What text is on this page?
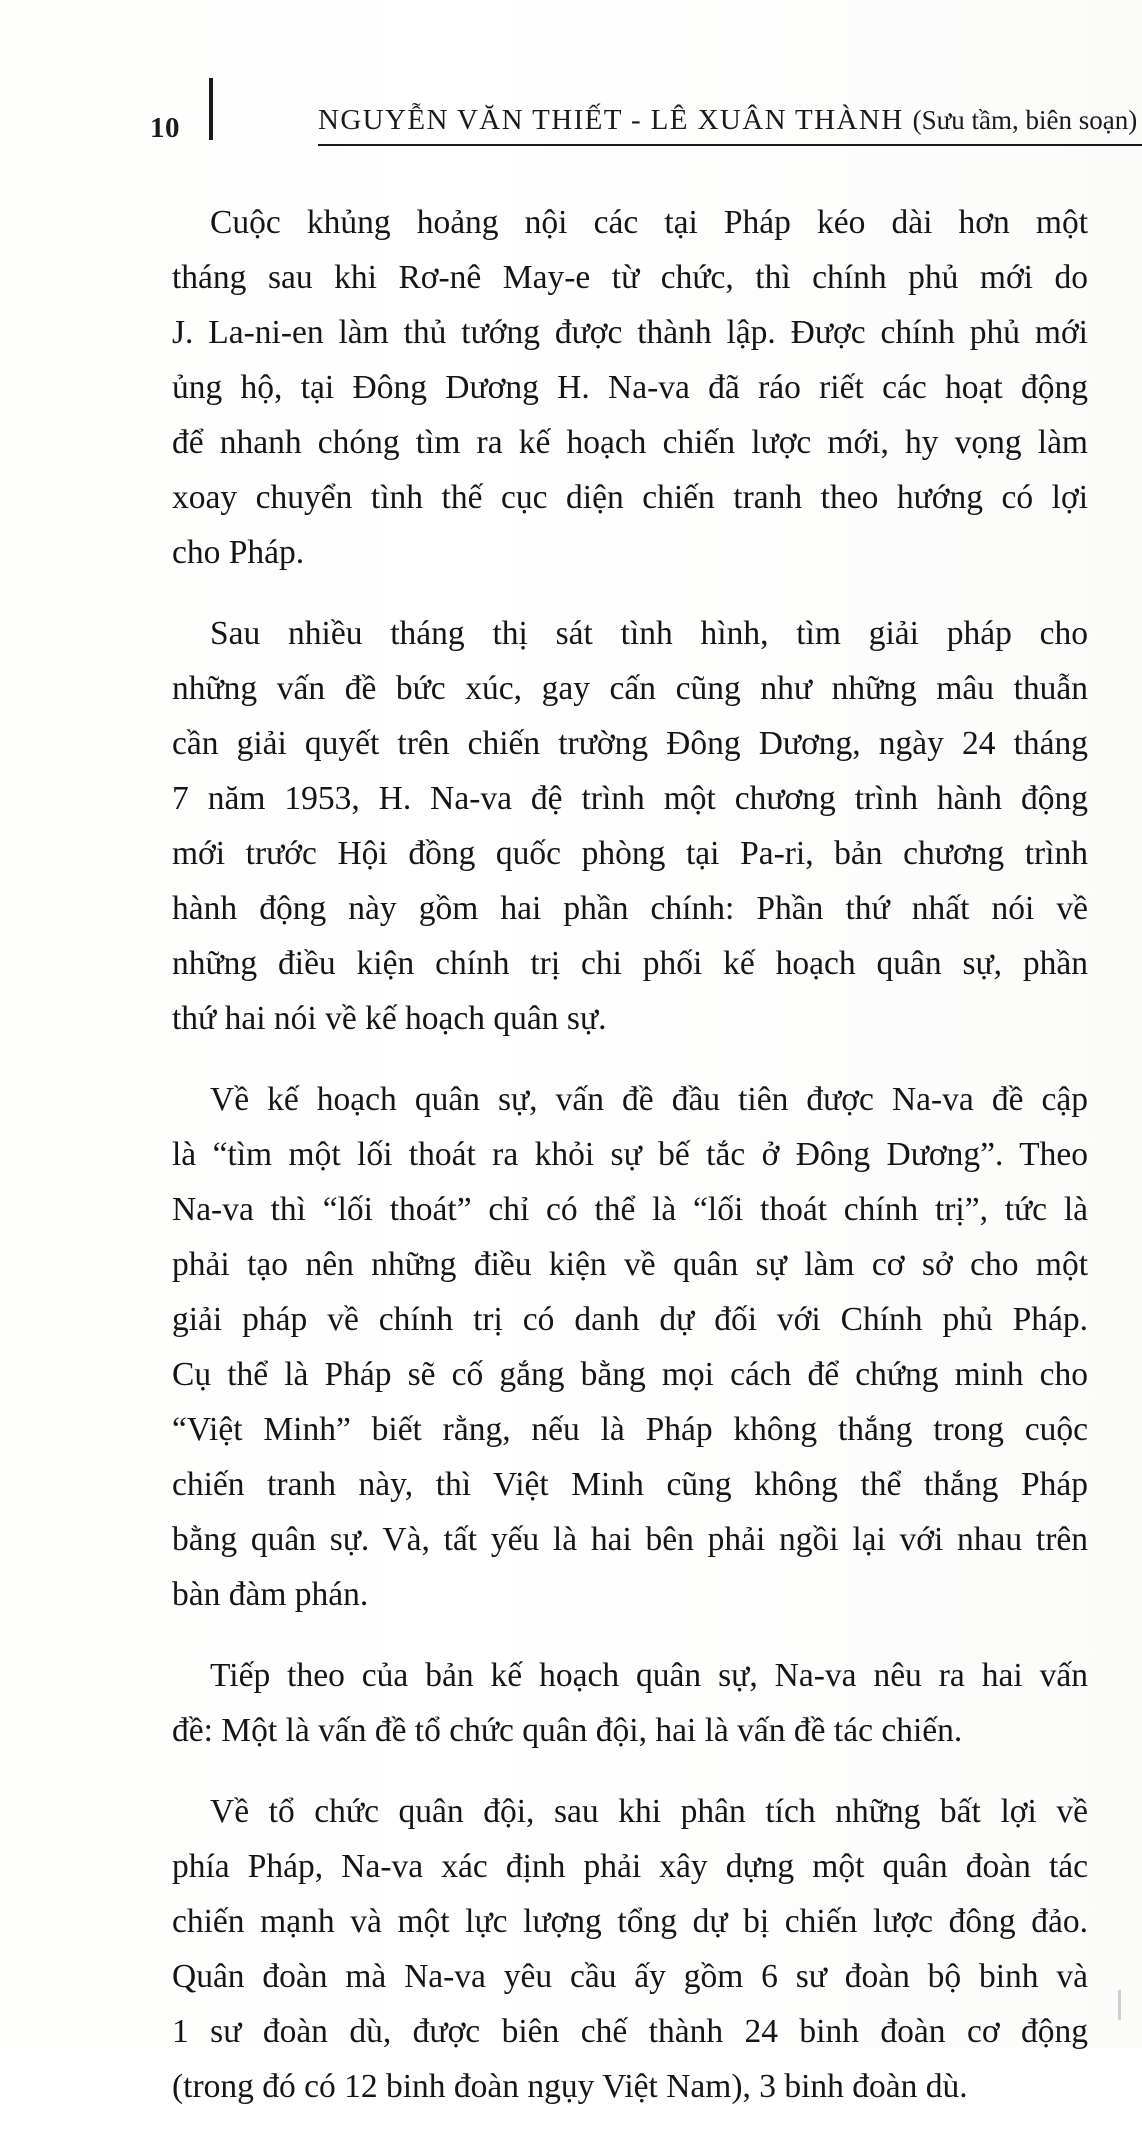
10	NGUYỄN VĂN THIẾT - LÊ XUÂN THÀNH (Sưu tầm, biên soạn)
Cuộc khủng hoảng nội các tại Pháp kéo dài hơn một
tháng sau khi Rơ-nê May-e từ chức, thì chính phủ mới do
J. La-ni-en làm thủ tướng được thành lập. Được chính phủ mới
ủng hộ, tại Đông Dương H. Na-va đã ráo riết các hoạt động
để nhanh chóng tìm ra kế hoạch chiến lược mới, hy vọng làm
xoay chuyển tình thế cục diện chiến tranh theo hướng có lợi
cho Pháp.
Sau nhiều tháng thị sát tình hình, tìm giải pháp cho
những vấn đề bức xúc, gay cấn cũng như những mâu thuẫn
cần giải quyết trên chiến trường Đông Dương, ngày 24 tháng
7 năm 1953, H. Na-va đệ trình một chương trình hành động
mới trước Hội đồng quốc phòng tại Pa-ri, bản chương trình
hành động này gồm hai phần chính: Phần thứ nhất nói về
những điều kiện chính trị chi phối kế hoạch quân sự, phần
thứ hai nói về kế hoạch quân sự.
Về kế hoạch quân sự, vấn đề đầu tiên được Na-va đề cập
là “tìm một lối thoát ra khỏi sự bế tắc ở Đông Dương”. Theo
Na-va thì “lối thoát” chỉ có thể là “lối thoát chính trị”, tức là
phải tạo nên những điều kiện về quân sự làm cơ sở cho một
giải pháp về chính trị có danh dự đối với Chính phủ Pháp.
Cụ thể là Pháp sẽ cố gắng bằng mọi cách để chứng minh cho
“Việt Minh” biết rằng, nếu là Pháp không thắng trong cuộc
chiến tranh này, thì Việt Minh cũng không thể thắng Pháp
bằng quân sự. Và, tất yếu là hai bên phải ngồi lại với nhau trên
bàn đàm phán.
Tiếp theo của bản kế hoạch quân sự, Na-va nêu ra hai vấn
đề: Một là vấn đề tổ chức quân đội, hai là vấn đề tác chiến.
Về tổ chức quân đội, sau khi phân tích những bất lợi về
phía Pháp, Na-va xác định phải xây dựng một quân đoàn tác
chiến mạnh và một lực lượng tổng dự bị chiến lược đông đảo.
Quân đoàn mà Na-va yêu cầu ấy gồm 6 sư đoàn bộ binh và
1 sư đoàn dù, được biên chế thành 24 binh đoàn cơ động
(trong đó có 12 binh đoàn ngụy Việt Nam), 3 binh đoàn dù.
